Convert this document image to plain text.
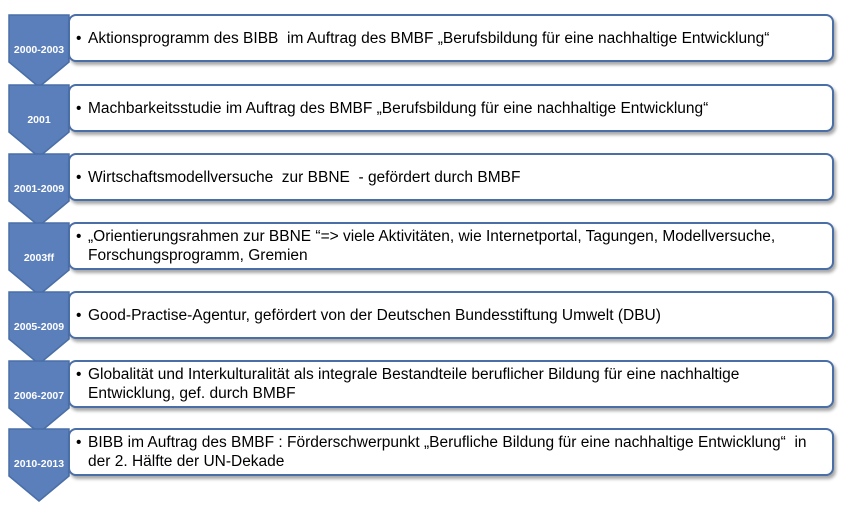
2000-2003
• Aktionsprogramm des BIBB  im Auftrag des BMBF „Berufsbildung für eine nachhaltige Entwicklung“
2001
• Machbarkeitsstudie im Auftrag des BMBF „Berufsbildung für eine nachhaltige Entwicklung“
2001-2009
• Wirtschaftsmodellversuche  zur BBNE  - gefördert durch BMBF
2003ff
• „Orientierungsrahmen zur BBNE “=> viele Aktivitäten, wie Internetportal, Tagungen, Modellversuche, Forschungsprogramm, Gremien
2005-2009
• Good-Practise-Agentur, gefördert von der Deutschen Bundesstiftung Umwelt (DBU)
2006-2007
• Globalität und Interkulturalität als integrale Bestandteile beruflicher Bildung für eine nachhaltige Entwicklung, gef. durch BMBF
2010-2013
• BIBB im Auftrag des BMBF : Förderschwerpunkt „Berufliche Bildung für eine nachhaltige Entwicklung“  in der 2. Hälfte der UN-Dekade
